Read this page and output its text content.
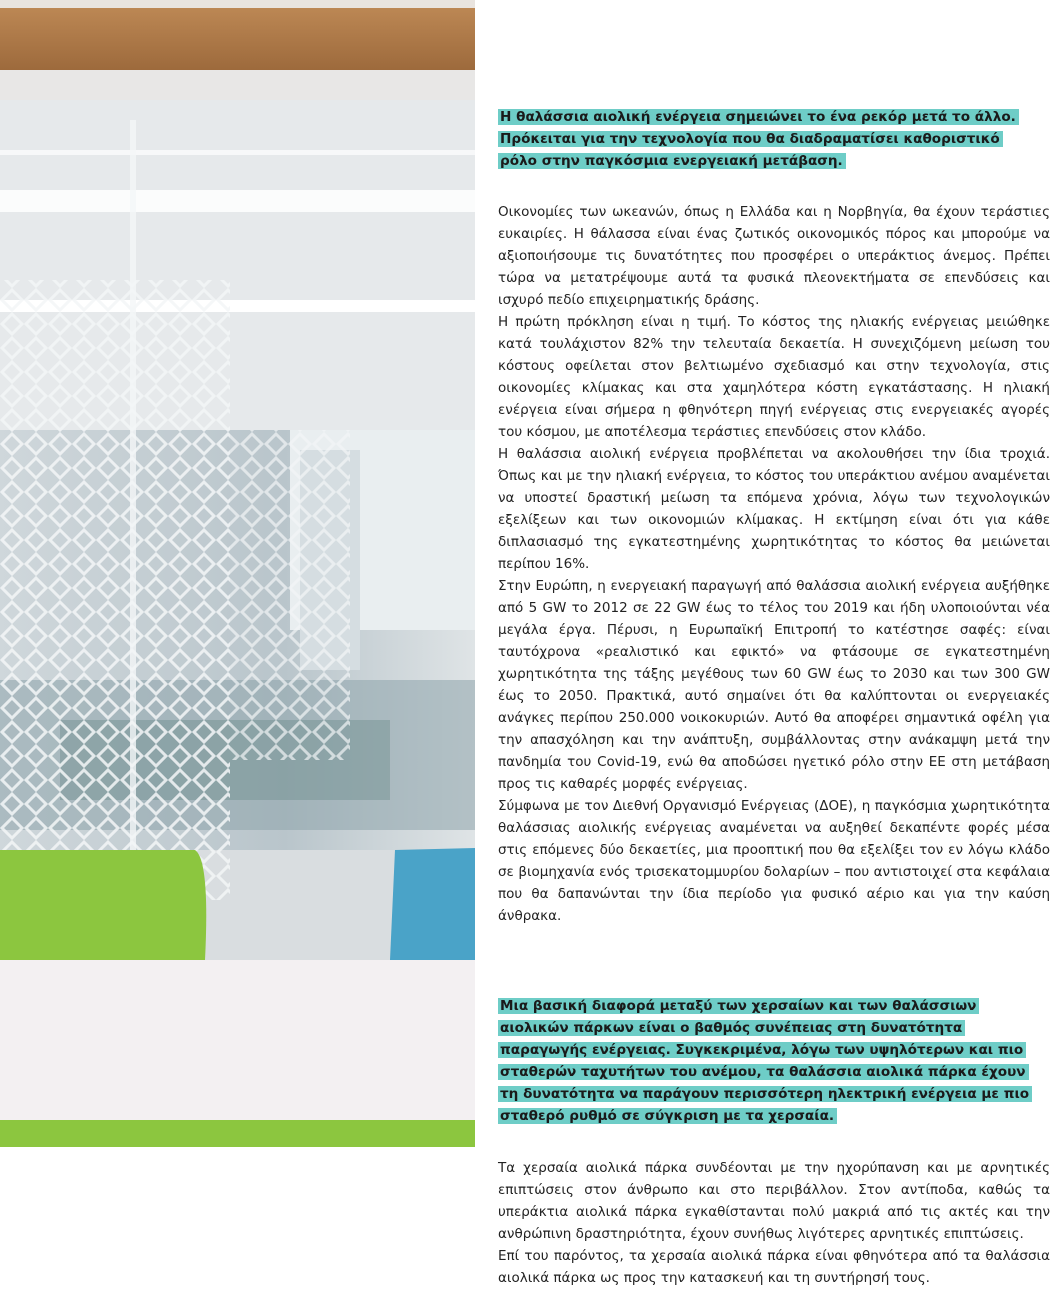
Η θαλάσσια αιολική ενέργεια σημειώνει το ένα ρεκόρ μετά το άλλο.
Πρόκειται για την τεχνολογία που θα διαδραματίσει καθοριστικό
ρόλο στην παγκόσμια ενεργειακή μετάβαση.

Οικονομίες των ωκεανών, όπως η Ελλάδα και η Νορβηγία, θα έχουν τεράστιες ευκαιρίες. Η θάλασσα είναι ένας ζωτικός οικονομικός πόρος και μπορούμε να αξιοποιήσουμε τις δυνατότητες που προσφέρει ο υπεράκτιος άνεμος. Πρέπει τώρα να μετατρέψουμε αυτά τα φυσικά πλεονεκτήματα σε επενδύσεις και ισχυρό πεδίο επιχειρηματικής δράσης.

Η πρώτη πρόκληση είναι η τιμή. Το κόστος της ηλιακής ενέργειας μειώθηκε κατά τουλάχιστον 82% την τελευταία δεκαετία. Η συνεχιζόμενη μείωση του κόστους οφείλεται στον βελτιωμένο σχεδιασμό και στην τεχνολογία, στις οικονομίες κλίμακας και στα χαμηλότερα κόστη εγκατάστασης. Η ηλιακή ενέργεια είναι σήμερα η φθηνότερη πηγή ενέργειας στις ενεργειακές αγορές του κόσμου, με αποτέλεσμα τεράστιες επενδύσεις στον κλάδο.

Η θαλάσσια αιολική ενέργεια προβλέπεται να ακολουθήσει την ίδια τροχιά. Όπως και με την ηλιακή ενέργεια, το κόστος του υπεράκτιου ανέμου αναμένεται να υποστεί δραστική μείωση τα επόμενα χρόνια, λόγω των τεχνολογικών εξελίξεων και των οικονομιών κλίμακας. Η εκτίμηση είναι ότι για κάθε διπλασιασμό της εγκατεστημένης χωρητικότητας το κόστος θα μειώνεται περίπου 16%.

Στην Ευρώπη, η ενεργειακή παραγωγή από θαλάσσια αιολική ενέργεια αυξήθηκε από 5 GW το 2012 σε 22 GW έως το τέλος του 2019 και ήδη υλοποιούνται νέα μεγάλα έργα. Πέρυσι, η Ευρωπαϊκή Επιτροπή το κατέστησε σαφές: είναι ταυτόχρονα «ρεαλιστικό και εφικτό» να φτάσουμε σε εγκατεστημένη χωρητικότητα της τάξης μεγέθους των 60 GW έως το 2030 και των 300 GW έως το 2050. Πρακτικά, αυτό σημαίνει ότι θα καλύπτονται οι ενεργειακές ανάγκες περίπου 250.000 νοικοκυριών. Αυτό θα αποφέρει σημαντικά οφέλη για την απασχόληση και την ανάπτυξη, συμβάλλοντας στην ανάκαμψη μετά την πανδημία του Covid-19, ενώ θα αποδώσει ηγετικό ρόλο στην ΕΕ στη μετάβαση προς τις καθαρές μορφές ενέργειας.

Σύμφωνα με τον Διεθνή Οργανισμό Ενέργειας (ΔΟΕ), η παγκόσμια χωρητικότητα θαλάσσιας αιολικής ενέργειας αναμένεται να αυξηθεί δεκαπέντε φορές μέσα στις επόμενες δύο δεκαετίες, μια προοπτική που θα εξελίξει τον εν λόγω κλάδο σε βιομηχανία ενός τρισεκατομμυρίου δολαρίων – που αντιστοιχεί στα κεφάλαια που θα δαπανώνται την ίδια περίοδο για φυσικό αέριο και για την καύση άνθρακα.

Μια βασική διαφορά μεταξύ των χερσαίων και των θαλάσσιων
αιολικών πάρκων είναι ο βαθμός συνέπειας στη δυνατότητα
παραγωγής ενέργειας. Συγκεκριμένα, λόγω των υψηλότερων και πιο
σταθερών ταχυτήτων του ανέμου, τα θαλάσσια αιολικά πάρκα έχουν
τη δυνατότητα να παράγουν περισσότερη ηλεκτρική ενέργεια με πιο
σταθερό ρυθμό σε σύγκριση με τα χερσαία.

Τα χερσαία αιολικά πάρκα συνδέονται με την ηχορύπανση και με αρνητικές επιπτώσεις στον άνθρωπο και στο περιβάλλον. Στον αντίποδα, καθώς τα υπεράκτια αιολικά πάρκα εγκαθίστανται πολύ μακριά από τις ακτές και την ανθρώπινη δραστηριότητα, έχουν συνήθως λιγότερες αρνητικές επιπτώσεις.

Επί του παρόντος, τα χερσαία αιολικά πάρκα είναι φθηνότερα από τα θαλάσσια αιολικά πάρκα ως προς την κατασκευή και τη συντήρησή τους.
